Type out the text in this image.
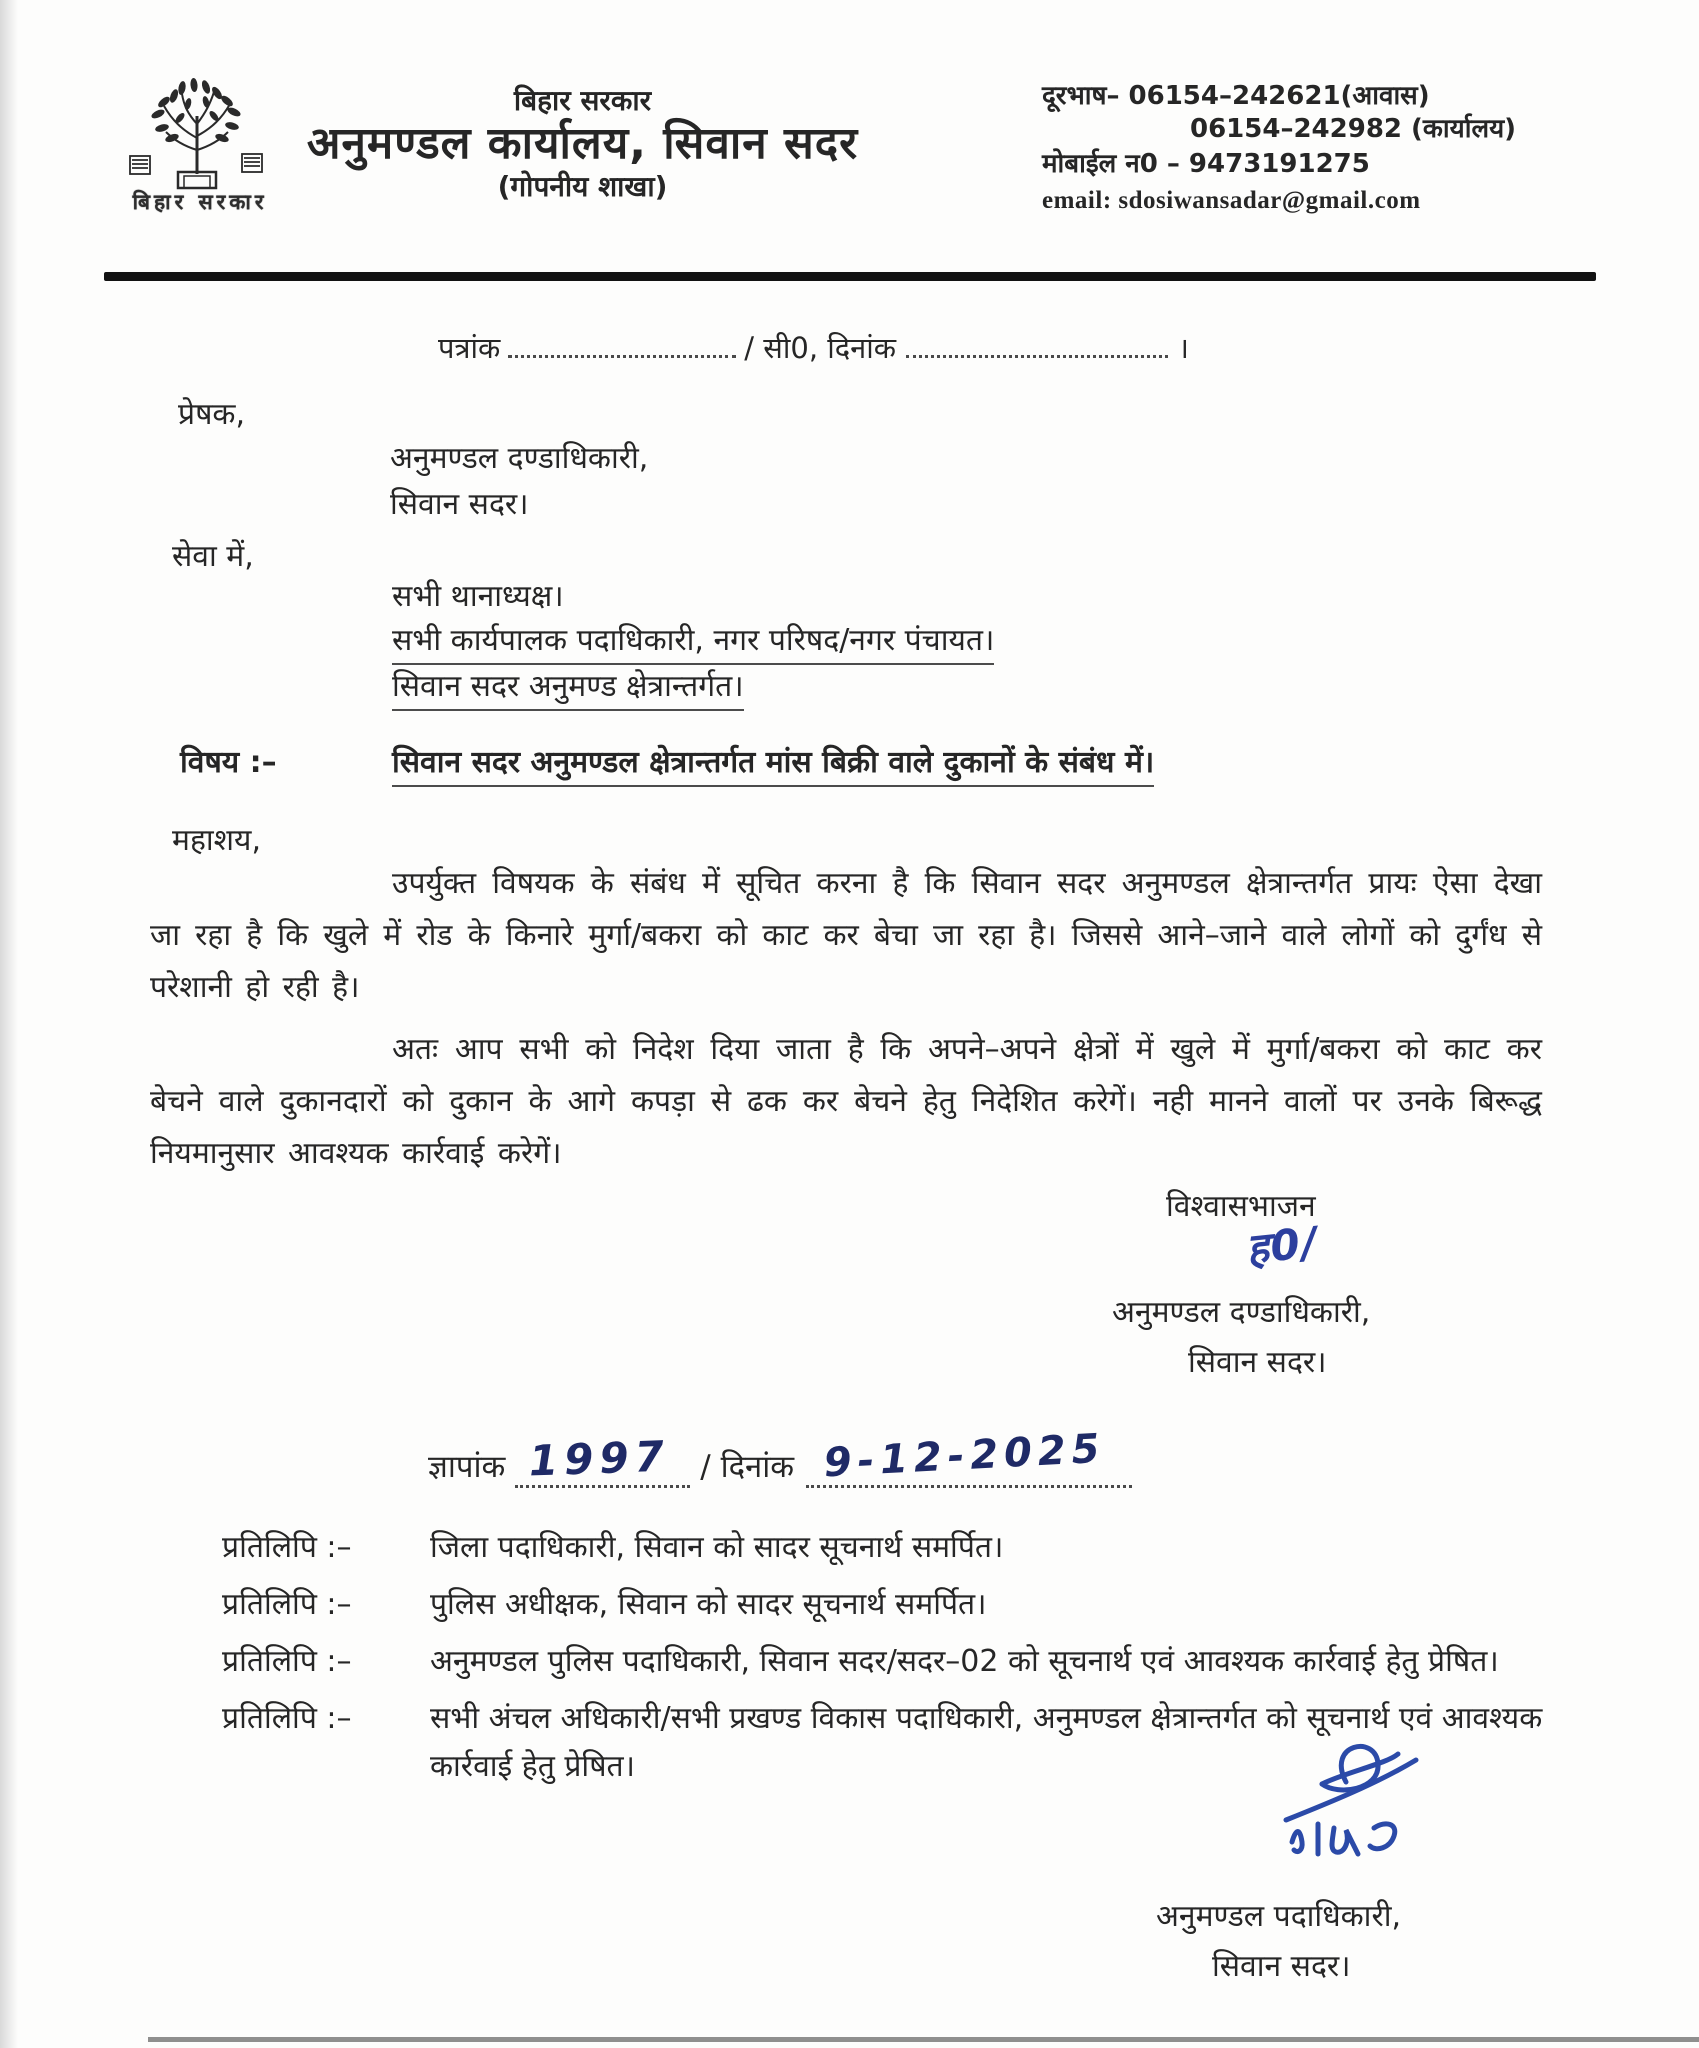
बिहार सरकार
बिहार सरकार
अनुमण्डल कार्यालय, सिवान सदर
(गोपनीय शाखा)
दूरभाष– 06154–242621(आवास)
06154–242982 (कार्यालय)
मोबाईल न0 – 9473191275
email: sdosiwansadar@gmail.com
पत्रांक	/ सी0, दिनांक	।
प्रेषक,
अनुमण्डल दण्डाधिकारी,
सिवान सदर।
सेवा में,
सभी थानाध्यक्ष।
सभी कार्यपालक पदाधिकारी, नगर परिषद/नगर पंचायत।
सिवान सदर अनुमण्ड क्षेत्रान्तर्गत।
विषय :–	सिवान सदर अनुमण्डल क्षेत्रान्तर्गत मांस बिक्री वाले दुकानों के संबंध में।
महाशय,
उपर्युक्त विषयक के संबंध में सूचित करना है कि सिवान सदर अनुमण्डल क्षेत्रान्तर्गत प्रायः ऐसा देखा जा रहा है कि खुले में रोड के किनारे मुर्गा/बकरा को काट कर बेचा जा रहा है। जिससे आने–जाने वाले लोगों को दुर्गंध से परेशानी हो रही है।
अतः आप सभी को निदेश दिया जाता है कि अपने–अपने क्षेत्रों में खुले में मुर्गा/बकरा को काट कर बेचने वाले दुकानदारों को दुकान के आगे कपड़ा से ढक कर बेचने हेतु निदेशित करेगें। नही मानने वालों पर उनके बिरूद्ध नियमानुसार आवश्यक कार्रवाई करेगें।
विश्वासभाजन
ह0/
अनुमण्डल दण्डाधिकारी,
सिवान सदर।
ज्ञापांक 1997 / दिनांक 9-12-2025
प्रतिलिपि :–	जिला पदाधिकारी, सिवान को सादर सूचनार्थ समर्पित।
प्रतिलिपि :–	पुलिस अधीक्षक, सिवान को सादर सूचनार्थ समर्पित।
प्रतिलिपि :–	अनुमण्डल पुलिस पदाधिकारी, सिवान सदर/सदर–02 को सूचनार्थ एवं आवश्यक कार्रवाई हेतु प्रेषित।
प्रतिलिपि :–	सभी अंचल अधिकारी/सभी प्रखण्ड विकास पदाधिकारी, अनुमण्डल क्षेत्रान्तर्गत को सूचनार्थ एवं आवश्यक कार्रवाई हेतु प्रेषित।
अनुमण्डल पदाधिकारी,
सिवान सदर।
